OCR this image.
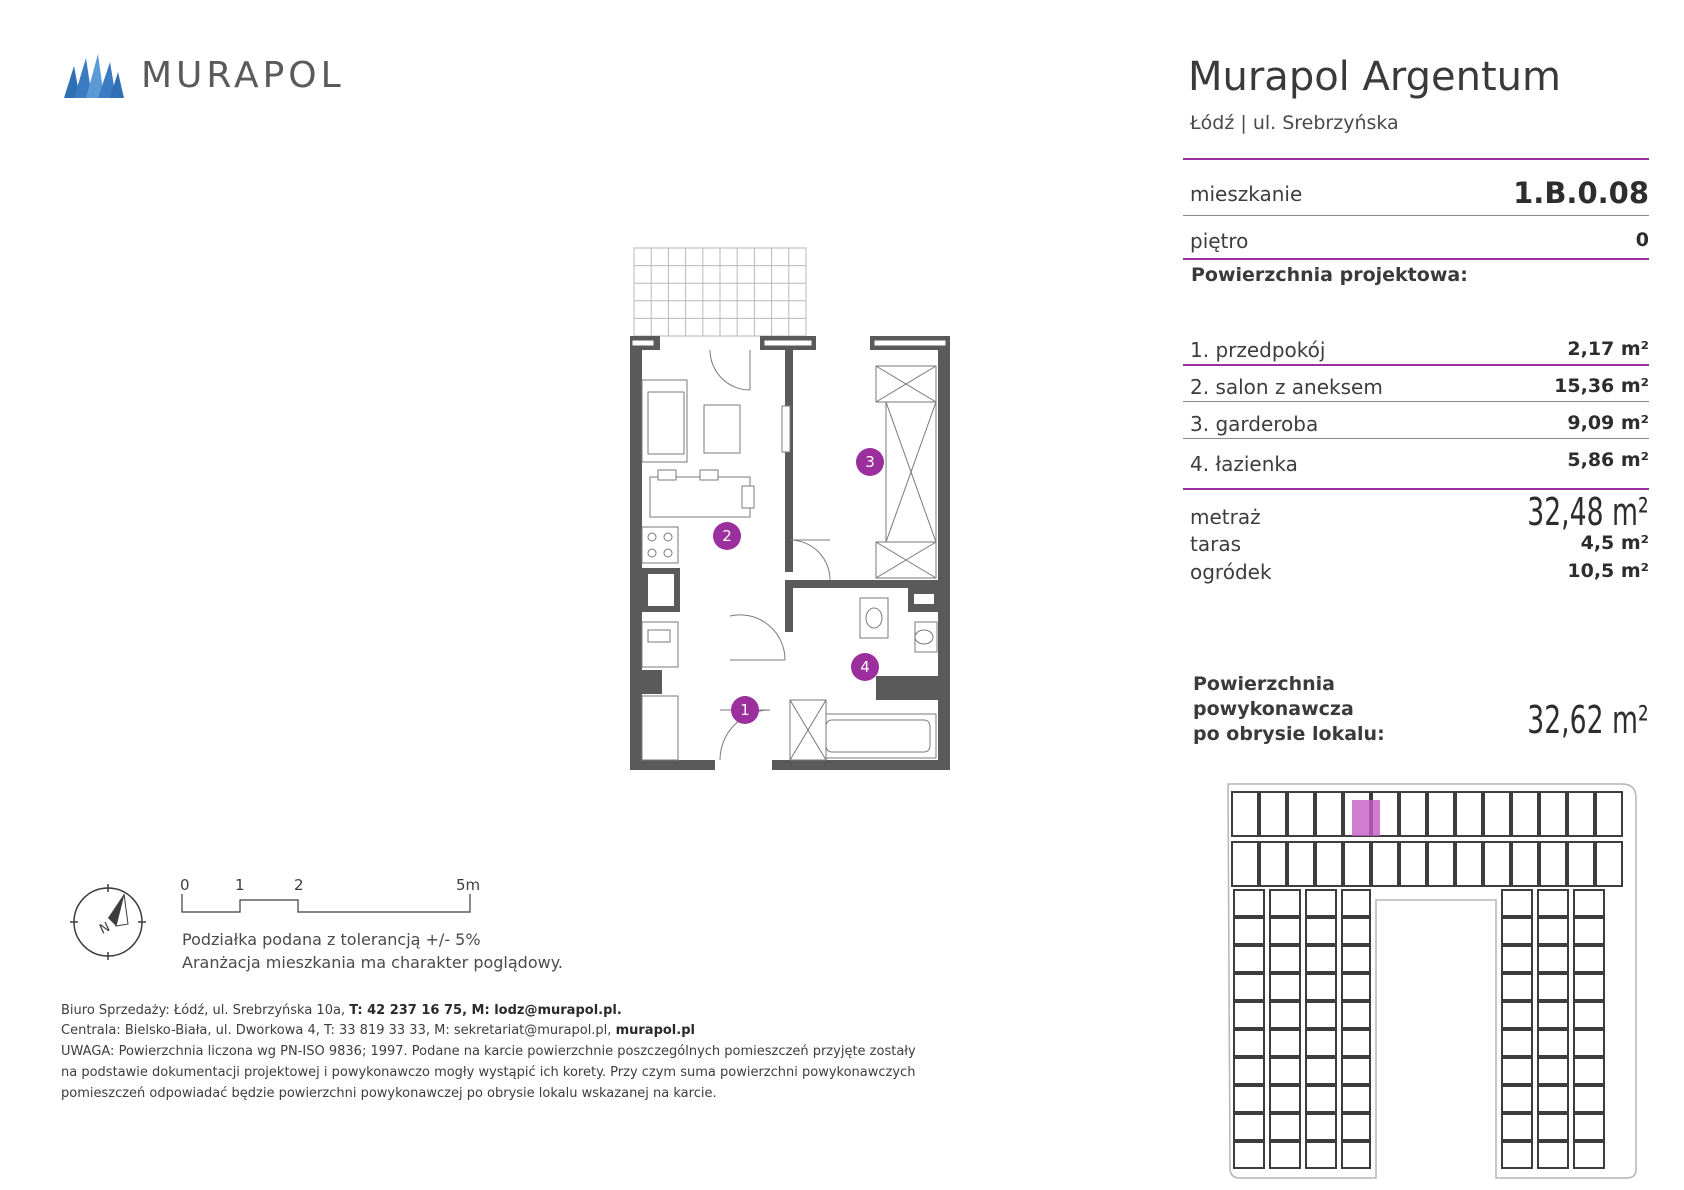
MURAPOL	Murapol Argentum
Łódź | ul. Srebrzyńska
mieszkanie	1.B.0.08
piętro	0
Powierzchnia projektowa:
1. przedpokój	2,17 m²
2. salon z aneksem	15,36 m²
3. garderoba	9,09 m²
4. łazienka	5,86 m²
metraż	32,48 m²
taras	4,5 m²
ogródek	10,5 m²
Powierzchnia
powykonawcza
po obrysie lokalu:	32,62 m²
1
2
3
4
N
0	1	2	5m
Podziałka podana z tolerancją +/- 5%
Aranżacja mieszkania ma charakter poglądowy.
Biuro Sprzedaży: Łódź, ul. Srebrzyńska 10a, T: 42 237 16 75, M: lodz@murapol.pl.
Centrala: Bielsko-Biała, ul. Dworkowa 4, T: 33 819 33 33, M: sekretariat@murapol.pl, murapol.pl
UWAGA: Powierzchnia liczona wg PN-ISO 9836; 1997. Podane na karcie powierzchnie poszczególnych pomieszczeń przyjęte zostały
na podstawie dokumentacji projektowej i powykonawczo mogły wystąpić ich korety. Przy czym suma powierzchni powykonawczych
pomieszczeń odpowiadać będzie powierzchni powykonawczej po obrysie lokalu wskazanej na karcie.
